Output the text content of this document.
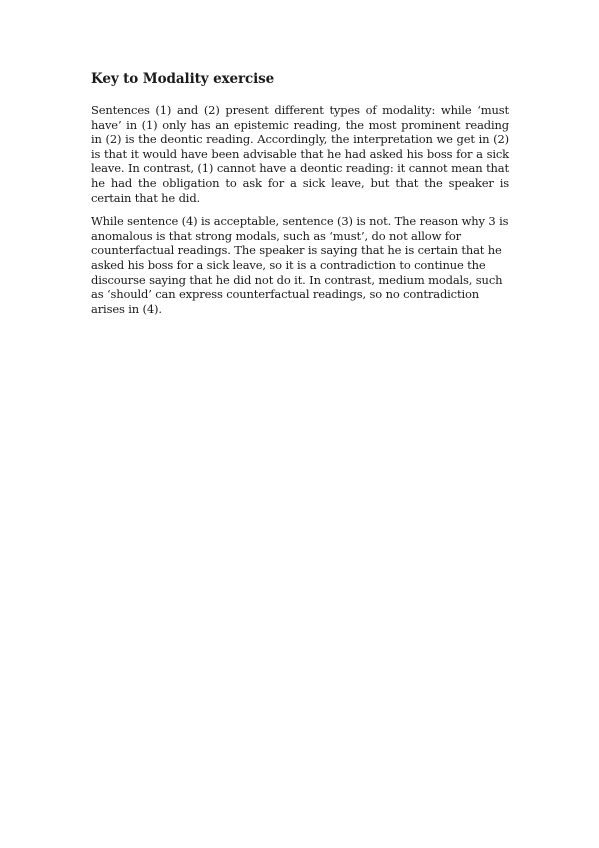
Key to Modality exercise

Sentences (1) and (2) present different types of modality: while ‘must have’ in (1) only has an epistemic reading, the most prominent reading in (2) is the deontic reading. Accordingly, the interpretation we get in (2) is that it would have been advisable that he had asked his boss for a sick leave. In contrast, (1) cannot have a deontic reading: it cannot mean that he had the obligation to ask for a sick leave, but that the speaker is certain that he did.

While sentence (4) is acceptable, sentence (3) is not. The reason why 3 is anomalous is that strong modals, such as ‘must’, do not allow for counterfactual readings. The speaker is saying that he is certain that he asked his boss for a sick leave, so it is a contradiction to continue the discourse saying that he did not do it. In contrast, medium modals, such as ‘should’ can express counterfactual readings, so no contradiction arises in (4).
